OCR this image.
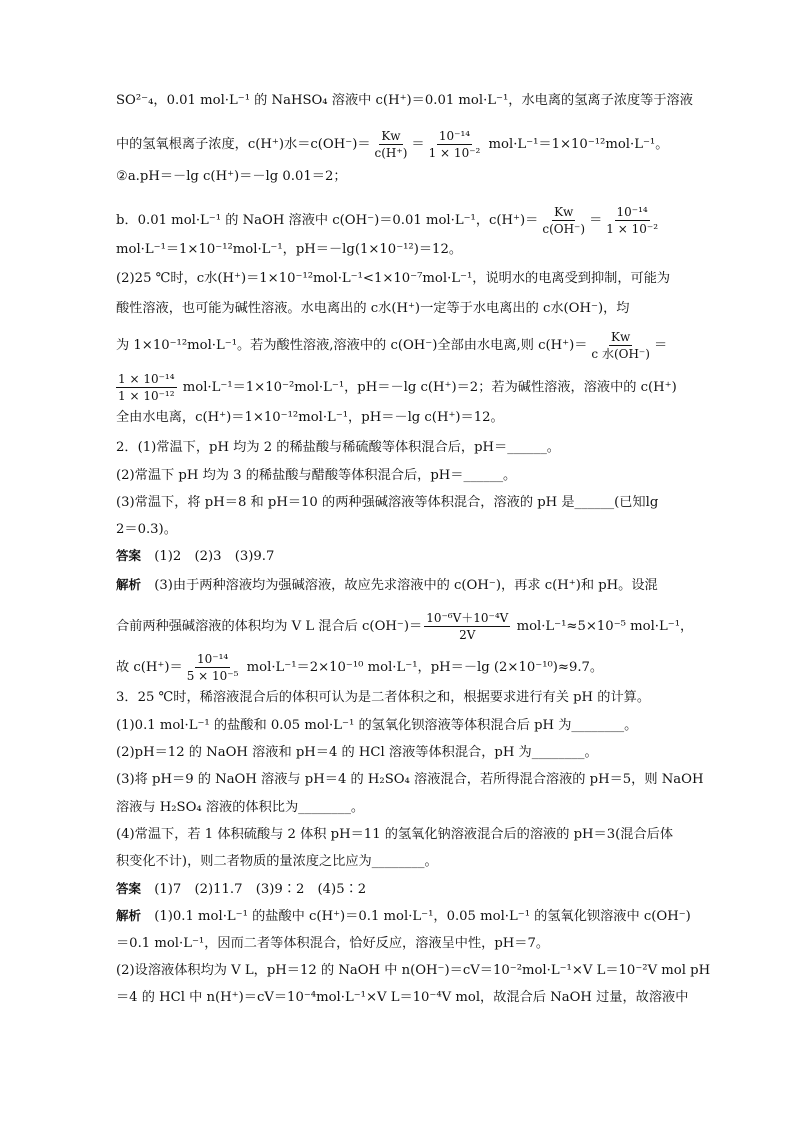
SO²⁻₄，0.01 mol·L⁻¹ 的 NaHSO₄ 溶液中 c(H⁺)＝0.01 mol·L⁻¹，水电离的氢离子浓度等于溶液
中的氢氧根离子浓度，c(H⁺)水$=c(OH^-)= \frac{Kw}{c(H^+)} = \frac{\text{10⁻¹⁴}}{\text{1 × 10⁻²}} mol\cdot L^{-1}=1\times 10^{-12}mol\cdot L^{-1}$。
②a.pH＝－lg c(H⁺)＝－lg 0.01＝2；
b．0.01 mol·L⁻¹ 的 NaOH 溶液中 c(OH⁻)＝0.01 mol·L⁻¹，$c(H^+)= \frac{Kw}{c(OH^-)} = \frac{\text{10⁻¹⁴}}{\text{1 × 10⁻²}}$
mol·L⁻¹＝1×10⁻¹²mol·L⁻¹，pH＝－lg(1×10⁻¹²)＝12。
(2)25 ℃时，c水(H⁺)＝1×10⁻¹²mol·L⁻¹<1×10⁻⁷mol·L⁻¹，说明水的电离受到抑制，可能为
酸性溶液，也可能为碱性溶液。水电离出的 c水(H⁺)一定等于水电离出的 c水(OH⁻)，均
为 1×10⁻¹²mol·L⁻¹。若为酸性溶液,溶液中的 c(OH⁻)全部由水电离,则 $c(H^+)= \frac{Kw}{\text{c 水(OH⁻)}}$ ＝
$\frac{\text{1 × 10⁻¹⁴}}{\text{1 × 10⁻¹²}} mol\cdot L^{-1}=1\times 10^{-2}mol\cdot L^{-1}$，pH＝－lg c(H⁺)＝2；若为碱性溶液，溶液中的 c(H⁺)
全由水电离，c(H⁺)＝1×10⁻¹²mol·L⁻¹，pH＝－lg c(H⁺)＝12。
2．(1)常温下，pH 均为 2 的稀盐酸与稀硫酸等体积混合后，pH＝______。
(2)常温下 pH 均为 3 的稀盐酸与醋酸等体积混合后，pH＝______。
(3)常温下，将 pH＝8 和 pH＝10 的两种强碱溶液等体积混合，溶液的 pH 是______(已知lg
2＝0.3)。
答案　 (1)2　(2)3　(3)9.7
解析　 (3)由于两种溶液均为强碱溶液，故应先求溶液中的 c(OH⁻)，再求 c(H⁺)和 pH。设混
合前两种强碱溶液的体积均为 V L 混合后 $c(OH^-)= \frac{\text{10⁻⁶V＋10⁻⁴V}}{2V} mol\cdot L^{-1}\approx 5\times 10^{-5}$ mol·L⁻¹，
故 $c(H^+)= \frac{\text{10⁻¹⁴}}{\text{5 × 10⁻⁵}} mol\cdot L^{-1}=2\times 10^{-10}$ mol·L⁻¹，pH＝－lg (2×10⁻¹⁰)≈9.7。
3．25 ℃时，稀溶液混合后的体积可认为是二者体积之和，根据要求进行有关 pH 的计算。
(1)0.1 mol·L⁻¹ 的盐酸和 0.05 mol·L⁻¹ 的氢氧化钡溶液等体积混合后 pH 为________。
(2)pH＝12 的 NaOH 溶液和 pH＝4 的 HCl 溶液等体积混合，pH 为________。
(3)将 pH＝9 的 NaOH 溶液与 pH＝4 的 H₂SO₄ 溶液混合，若所得混合溶液的 pH＝5，则 NaOH
溶液与 H₂SO₄ 溶液的体积比为________。
(4)常温下，若 1 体积硫酸与 2 体积 pH＝11 的氢氧化钠溶液混合后的溶液的 pH＝3(混合后体
积变化不计)，则二者物质的量浓度之比应为________。
答案　 (1)7　(2)11.7　(3)9∶2　(4)5∶2
解析　 (1)0.1 mol·L⁻¹ 的盐酸中 c(H⁺)＝0.1 mol·L⁻¹，0.05 mol·L⁻¹ 的氢氧化钡溶液中 c(OH⁻)
＝0.1 mol·L⁻¹，因而二者等体积混合，恰好反应，溶液呈中性，pH＝7。
(2)设溶液体积均为 V L，pH＝12 的 NaOH 中 n(OH⁻)＝cV＝10⁻²mol·L⁻¹×V L＝10⁻²V mol pH
＝4 的 HCl 中 n(H⁺)＝cV＝10⁻⁴mol·L⁻¹×V L＝10⁻⁴V mol，故混合后 NaOH 过量，故溶液中
